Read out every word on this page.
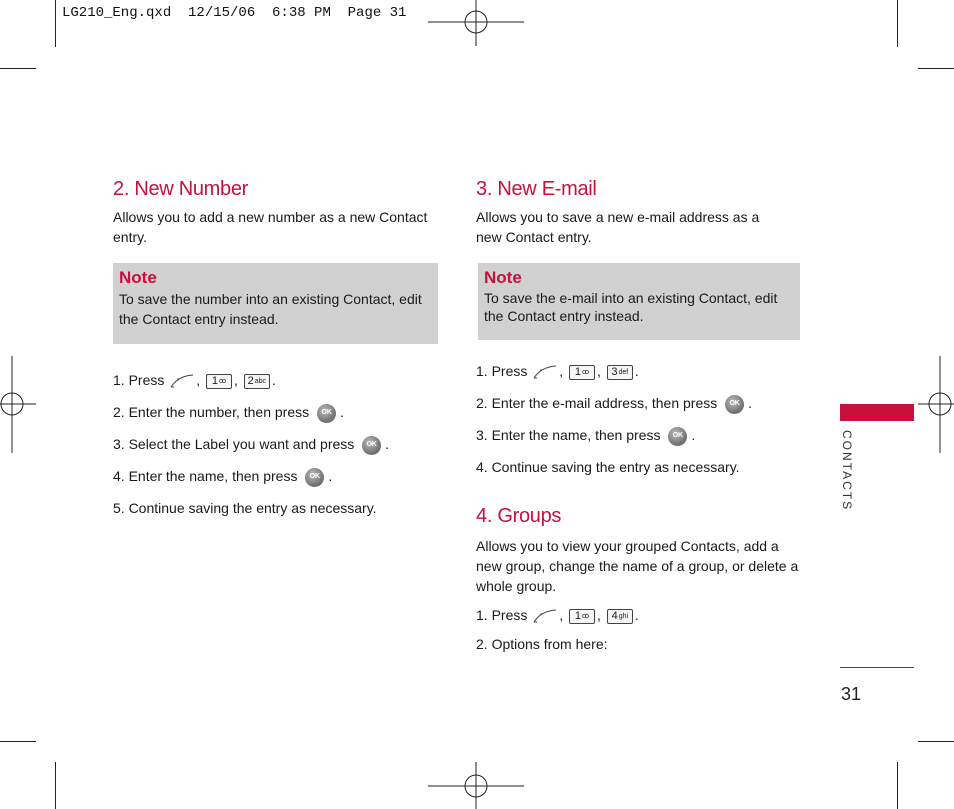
LG210_Eng.qxd  12/15/06  6:38 PM  Page 31
2. New Number

Allows you to add a new number as a new Contact entry.

Note
To save the number into an existing Contact, edit the Contact entry instead.
1. Press , 1 ꝏ , 2 abc .
2. Enter the number, then press OK .
3. Select the Label you want and press OK .
4. Enter the name, then press OK .
5. Continue saving the entry as necessary.
3. New E-mail

Allows you to save a new e-mail address as a new Contact entry.

Note
To save the e-mail into an existing Contact, edit the Contact entry instead.
1. Press , 1 ꝏ , 3 def .
2. Enter the e-mail address, then press OK .
3. Enter the name, then press OK .
4. Continue saving the entry as necessary.
4. Groups

Allows you to view your grouped Contacts, add a new group, change the name of a group, or delete a whole group.

1. Press , 1 ꝏ , 4 ghi .
2. Options from here:
CONTACTS
31
